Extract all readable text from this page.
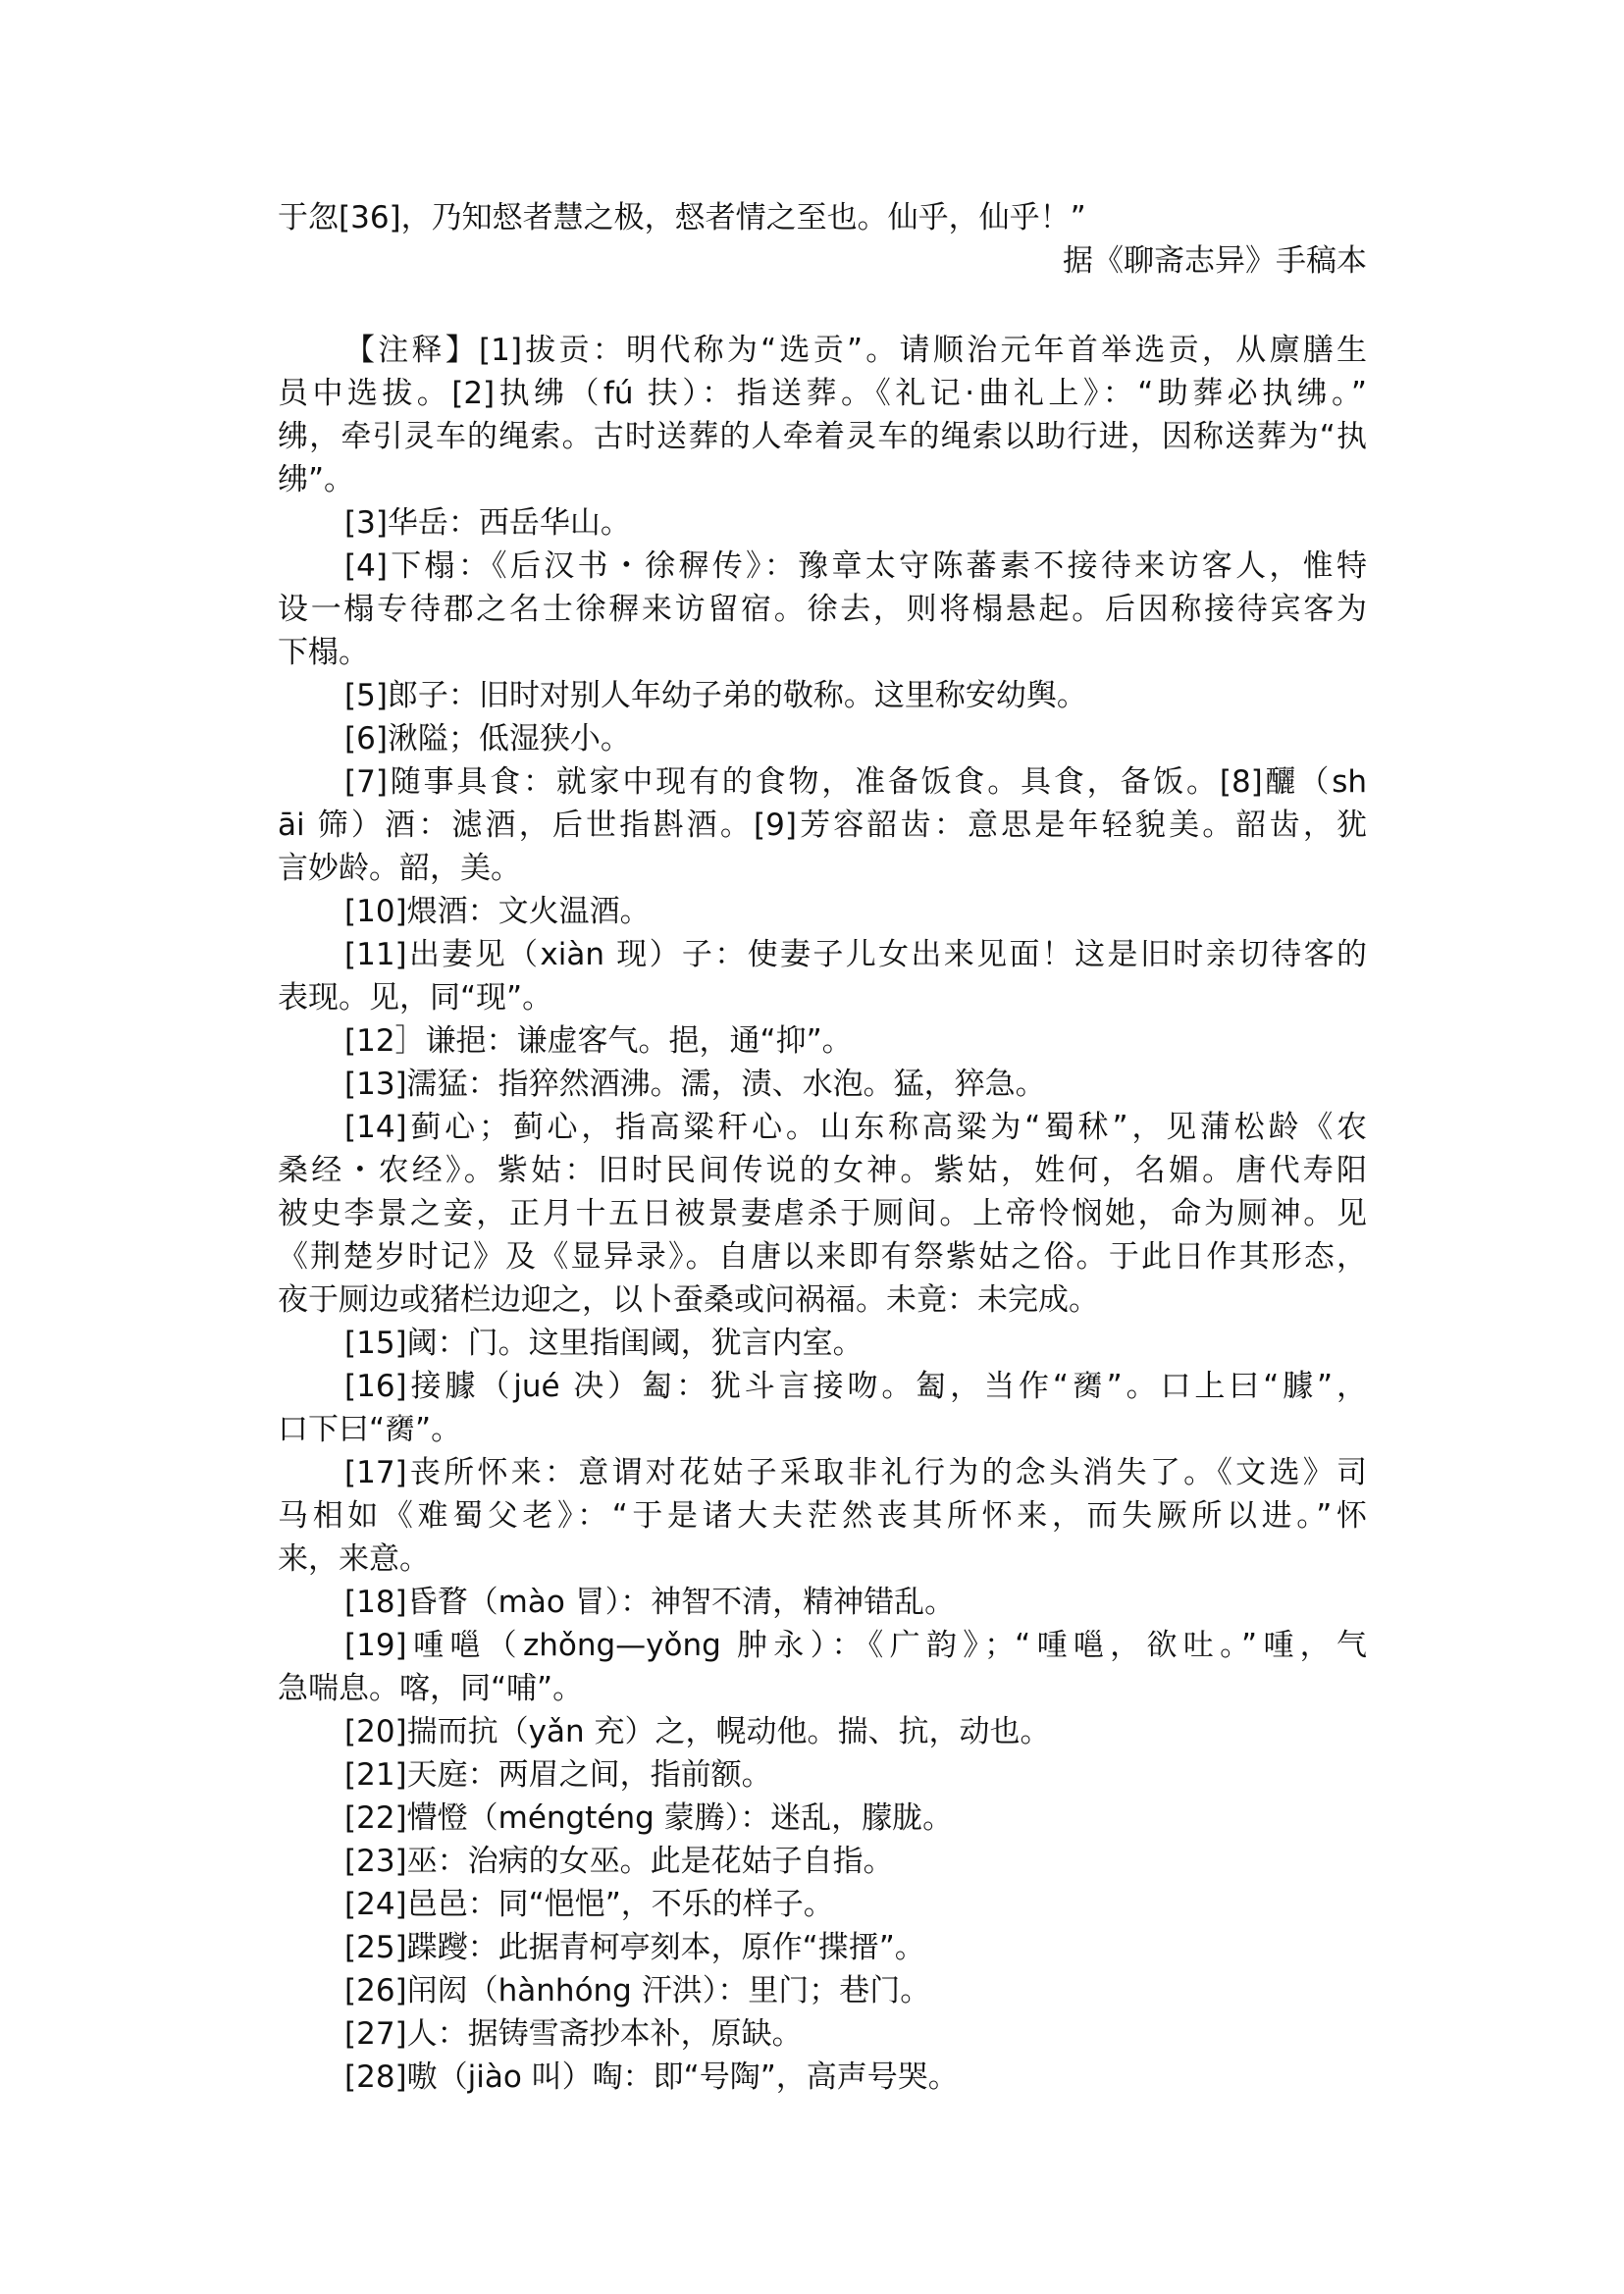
于忽[36]，乃知惄者慧之极，惄者情之至也。仙乎，仙乎！”

据《聊斋志异》手稿本

【注释】[1]拔贡：明代称为“选贡”。请顺治元年首举选贡，从廪膳生

员中选拔。[2]执绋（fú 扶）：指送葬。《礼记·曲礼上》：“助葬必执绋。”

绋，牵引灵车的绳索。古时送葬的人牵着灵车的绳索以助行进，因称送葬为“执

绋”。

[3]华岳：西岳华山。

[4]下榻：《后汉书・徐稺传》：豫章太守陈蕃素不接待来访客人，惟特

设一榻专待郡之名士徐稺来访留宿。徐去，则将榻悬起。后因称接待宾客为

下榻。

[5]郎子：旧时对别人年幼子弟的敬称。这里称安幼舆。

[6]湫隘；低湿狭小。

[7]随事具食：就家中现有的食物，准备饭食。具食，备饭。[8]釃（sh

āi 筛）酒：滤酒，后世指斟酒。[9]芳容韶齿：意思是年轻貌美。韶齿，犹

言妙龄。韶，美。

[10]煨酒：文火温酒。

[11]出妻见（xiàn 现）子：使妻子儿女出来见面！这是旧时亲切待客的

表现。见，同“现”。

[12］谦挹：谦虚客气。挹，通“抑”。

[13]濡猛：指猝然酒沸。濡，渍、水泡。猛，猝急。

[14]蓟心；蓟心，指高粱秆心。山东称高粱为“蜀秫”，见蒲松龄《农

桑经・农经》。紫姑：旧时民间传说的女神。紫姑，姓何，名媚。唐代寿阳

被史李景之妾，正月十五日被景妻虐杀于厕间。上帝怜悯她，命为厕神。见

《荆楚岁时记》及《显异录》。自唐以来即有祭紫姑之俗。于此日作其形态，

夜于厕边或猪栏边迎之，以卜蚕桑或问祸福。未竟：未完成。

[15]阈：门。这里指闺阈，犹言内室。

[16]接臄（jué 决）㔩：犹斗言接吻。㔩，当作“𦡈”。口上曰“臄”，

口下曰“𦡈”。

[17]丧所怀来：意谓对花姑子采取非礼行为的念头消失了。《文选》司

马相如《难蜀父老》：“于是诸大夫茫然丧其所怀来，而失厥所以进。”怀

来，来意。

[18]昏瞀（mào 冒）：神智不清，精神错乱。

[19]喠嗈（zhǒng—yǒng 肿永）：《广韵》；“喠嗈，欲吐。”喠，气

急喘息。喀，同“哺”。

[20]揣而抗（yǎn 充）之，幌动他。揣、抗，动也。

[21]天庭：两眉之间，指前额。

[22]懵憕（méngténg 蒙腾）：迷乱，朦胧。

[23]巫：治病的女巫。此是花姑子自指。

[24]邑邑：同“悒悒”，不乐的样子。

[25]蹀躞：此据青柯亭刻本，原作“揲搢”。

[26]闬闳（hànhóng 汗洪）：里门；巷门。

[27]人：据铸雪斋抄本补，原缺。

[28]嗷（jiào 叫）啕：即“号陶”，高声号哭。
